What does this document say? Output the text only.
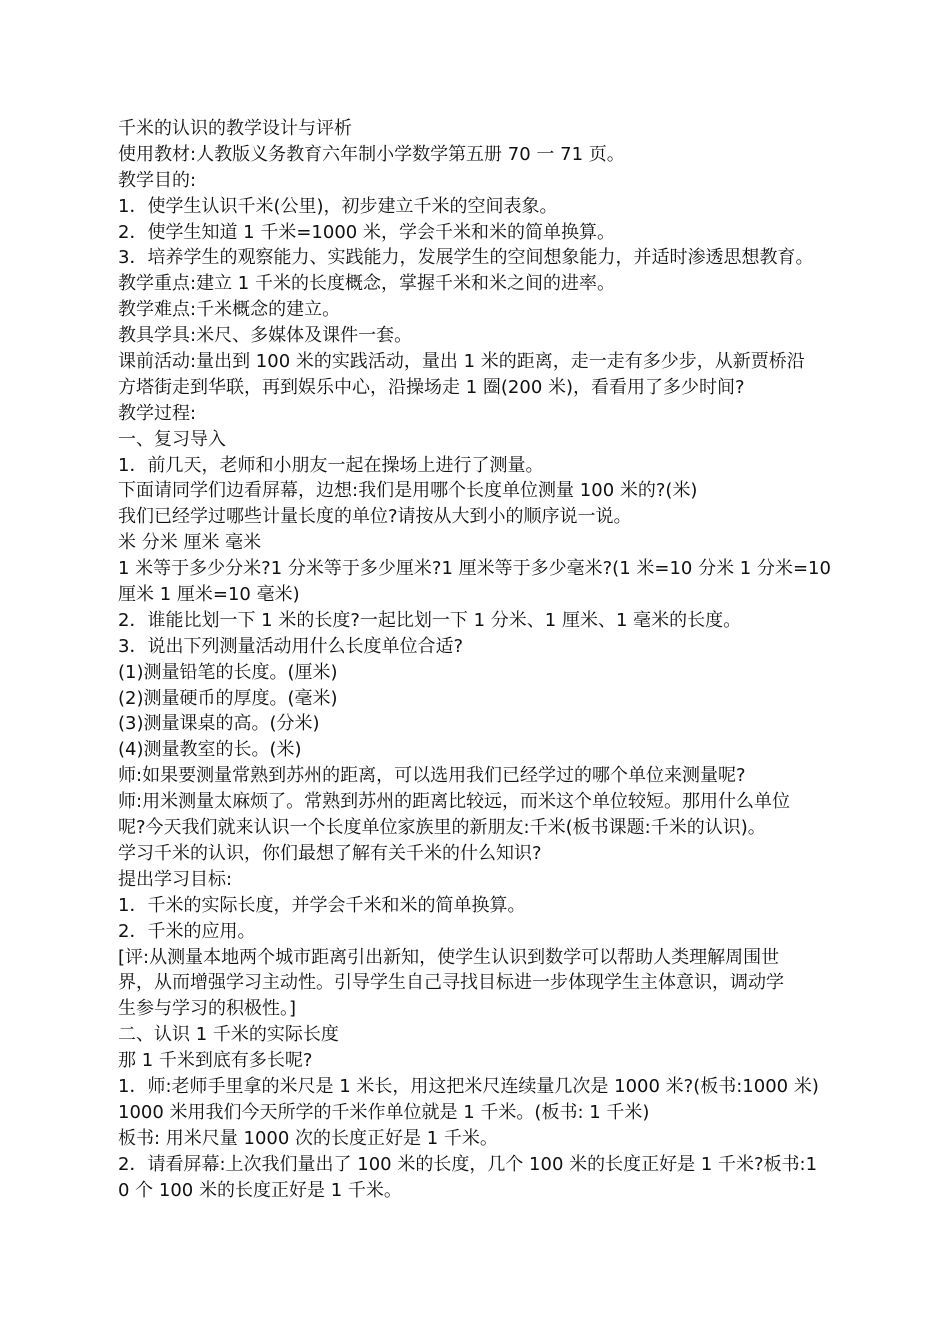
千米的认识的教学设计与评析
使用教材:人教版义务教育六年制小学数学第五册 70 一 71 页。
教学目的:
1．使学生认识千米(公里)，初步建立千米的空间表象。
2．使学生知道 1 千米=1000 米，学会千米和米的简单换算。
3．培养学生的观察能力、实践能力，发展学生的空间想象能力，并适时渗透思想教育。
教学重点:建立 1 千米的长度概念，掌握千米和米之间的进率。
教学难点:千米概念的建立。
教具学具:米尺、多媒体及课件一套。
课前活动:量出到 100 米的实践活动，量出 1 米的距离，走一走有多少步，从新贾桥沿
方塔街走到华联，再到娱乐中心，沿操场走 1 圈(200 米)，看看用了多少时间?
教学过程:
一、复习导入
1．前几天，老师和小朋友一起在操场上进行了测量。
下面请同学们边看屏幕，边想:我们是用哪个长度单位测量 100 米的?(米)
我们已经学过哪些计量长度的单位?请按从大到小的顺序说一说。
米 分米 厘米 毫米
1 米等于多少分米?1 分米等于多少厘米?1 厘米等于多少毫米?(1 米=10 分米 1 分米=10
厘米 1 厘米=10 毫米)
2．谁能比划一下 1 米的长度?一起比划一下 1 分米、1 厘米、1 毫米的长度。
3．说出下列测量活动用什么长度单位合适?
(1)测量铅笔的长度。(厘米)
(2)测量硬币的厚度。(毫米)
(3)测量课桌的高。(分米)
(4)测量教室的长。(米)
师:如果要测量常熟到苏州的距离，可以选用我们已经学过的哪个单位来测量呢?
师:用米测量太麻烦了。常熟到苏州的距离比较远，而米这个单位较短。那用什么单位
呢?今天我们就来认识一个长度单位家族里的新朋友:千米(板书课题:千米的认识)。
学习千米的认识，你们最想了解有关千米的什么知识?
提出学习目标:
1．千米的实际长度，并学会千米和米的简单换算。
2．千米的应用。
[评:从测量本地两个城市距离引出新知，使学生认识到数学可以帮助人类理解周围世
界，从而增强学习主动性。引导学生自己寻找目标进一步体现学生主体意识，调动学
生参与学习的积极性。]
二、认识 1 千米的实际长度
那 1 千米到底有多长呢?
1．师:老师手里拿的米尺是 1 米长，用这把米尺连续量几次是 1000 米?(板书:1000 米)
1000 米用我们今天所学的千米作单位就是 1 千米。(板书: 1 千米)
板书: 用米尺量 1000 次的长度正好是 1 千米。
2．请看屏幕:上次我们量出了 100 米的长度，几个 100 米的长度正好是 1 千米?板书:1
0 个 100 米的长度正好是 1 千米。
